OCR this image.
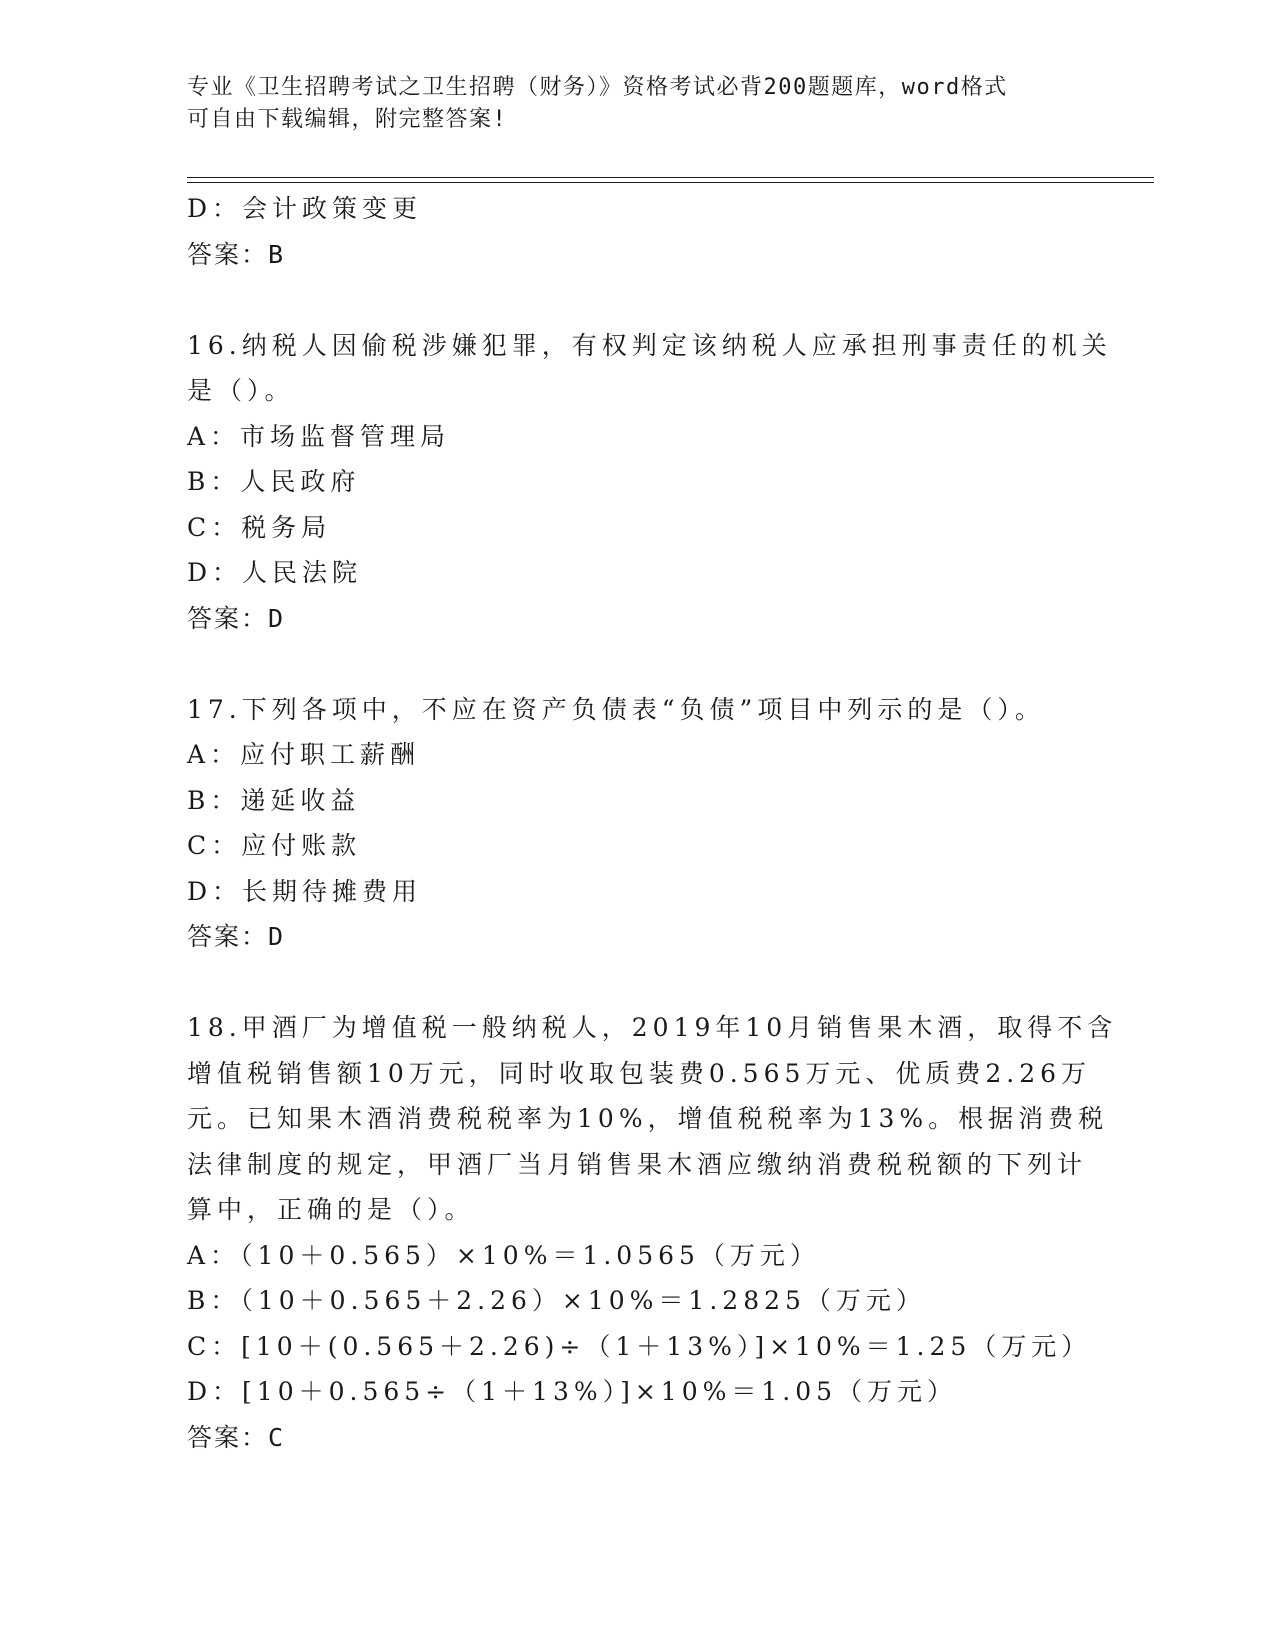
专业《卫生招聘考试之卫生招聘（财务）》资格考试必背200题题库，word格式
可自由下载编辑，附完整答案!
D：会计政策变更
答案：B
16.纳税人因偷税涉嫌犯罪，有权判定该纳税人应承担刑事责任的机关
是（）。
A：市场监督管理局
B：人民政府
C：税务局
D：人民法院
答案：D
17.下列各项中，不应在资产负债表“负债”项目中列示的是（）。
A：应付职工薪酬
B：递延收益
C：应付账款
D：长期待摊费用
答案：D
18.甲酒厂为增值税一般纳税人，2019年10月销售果木酒，取得不含
增值税销售额10万元，同时收取包装费0.565万元、优质费2.26万
元。已知果木酒消费税税率为10%，增值税税率为13%。根据消费税
法律制度的规定，甲酒厂当月销售果木酒应缴纳消费税税额的下列计
算中，正确的是（）。
A：（10＋0.565）×10%＝1.0565（万元）
B：（10＋0.565＋2.26）×10%＝1.2825（万元）
C：[10＋(0.565＋2.26)÷（1＋13%）]×10%＝1.25（万元）
D：[10＋0.565÷（1＋13%）]×10%＝1.05（万元）
答案：C
